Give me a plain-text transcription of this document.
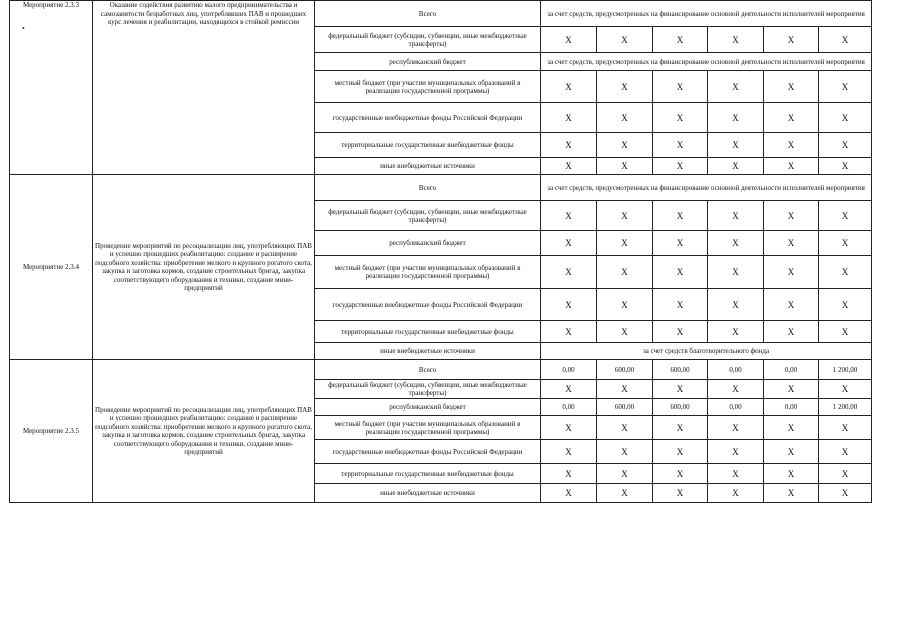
Мероприятие 2.3.3	Оказание содействия развитию малого предпринимательства и самозанятости безработных лиц, употреблявших ПАВ и прошедших курс лечения и реабилитации, находящихся в стойкой ремиссии	Всего	за счет средств, предусмотренных на финансирование основной деятельности исполнителей мероприятия					
		федеральный бюджет (субсидии, субвенции, иные межбюджетные трансферты)	Х	Х	Х	Х	Х	Х
		республиканский бюджет	за счет средств, предусмотренных на финансирование основной деятельности исполнителей мероприятия					
		местный бюджет (при участии муниципальных образований в реализации государственной программы)	Х	Х	Х	Х	Х	Х
		государственные внебюджетные фонды Российской Федерации	Х	Х	Х	Х	Х	Х
		территориальные государственные внебюджетные фонды	Х	Х	Х	Х	Х	Х
		иные внебюджетные источники	Х	Х	Х	Х	Х	Х
Мероприятие 2.3.4	Проведение мероприятий по ресоциализации лиц, употребляющих ПАВ и успешно прошедших реабилитацию: создание и расширение подсобного хозяйства: приобретение мелкого и крупного рогатого скота, закупка и заготовка кормов, создание строительных бригад, закупка соответствующего оборудования и техники, создание мини-предприятий	Всего	за счет средств, предусмотренных на финансирование основной деятельности исполнителей мероприятия					
		федеральный бюджет (субсидии, субвенции, иные межбюджетные трансферты)	Х	Х	Х	Х	Х	Х
		республиканский бюджет	Х	Х	Х	Х	Х	Х
		местный бюджет (при участии муниципальных образований в реализации государственной программы)	Х	Х	Х	Х	Х	Х
		государственные внебюджетные фонды Российской Федерации	Х	Х	Х	Х	Х	Х
		территориальные государственные внебюджетные фонды	Х	Х	Х	Х	Х	Х
		иные внебюджетные источники	за счет средств благотворительного фонда					
Мероприятие 2.3.5	Проведение мероприятий по ресоциализации лиц, употребляющих ПАВ и успешно прошедших реабилитацию: создание и расширение подсобного хозяйства: приобретение мелкого и крупного рогатого скота, закупка и заготовка кормов, создание строительных бригад, закупка соответствующего оборудования и техники, создание мини-предприятий	Всего	0,00	600,00	600,00	0,00	0,00	1 200,00
		федеральный бюджет (субсидии, субвенции, иные межбюджетные трансферты)	Х	Х	Х	Х	Х	Х
		республиканский бюджет	0,00	600,00	600,00	0,00	0,00	1 200,00
		местный бюджет (при участии муниципальных образований в реализации государственной программы)	Х	Х	Х	Х	Х	Х
		государственные внебюджетные фонды Российской Федерации	Х	Х	Х	Х	Х	Х
		территориальные государственные внебюджетные фонды	Х	Х	Х	Х	Х	Х
		иные внебюджетные источники	Х	Х	Х	Х	Х	Х
•
